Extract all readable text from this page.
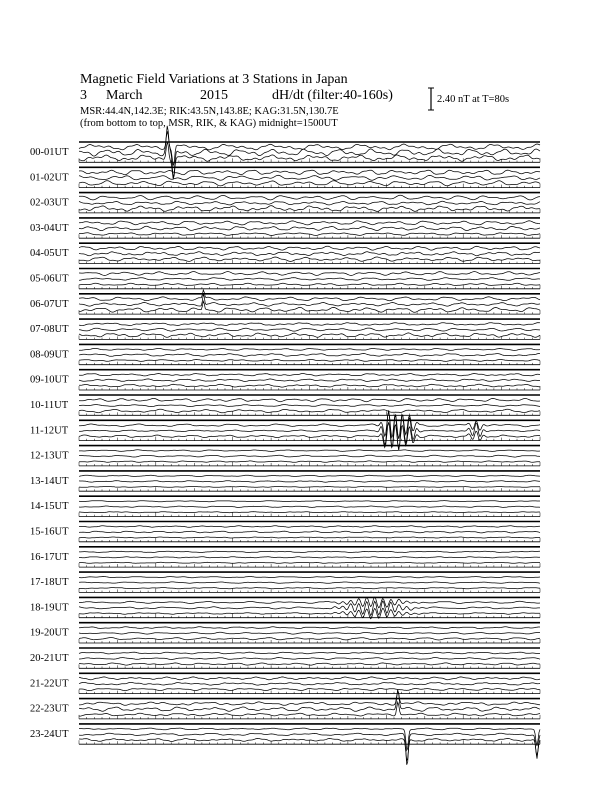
Magnetic Field Variations at 3 Stations in Japan
3 March	2015	dH/dt (filter:40-160s)
MSR:44.4N,142.3E; RIK:43.5N,143.8E; KAG:31.5N,130.7E
(from bottom to top, MSR, RIK, & KAG) midnight=1500UT
2.40 nT at T=80s
00-01UT
01-02UT
02-03UT
03-04UT
04-05UT
05-06UT
06-07UT
07-08UT
08-09UT
09-10UT
10-11UT
11-12UT
12-13UT
13-14UT
14-15UT
15-16UT
16-17UT
17-18UT
18-19UT
19-20UT
20-21UT
21-22UT
22-23UT
23-24UT
